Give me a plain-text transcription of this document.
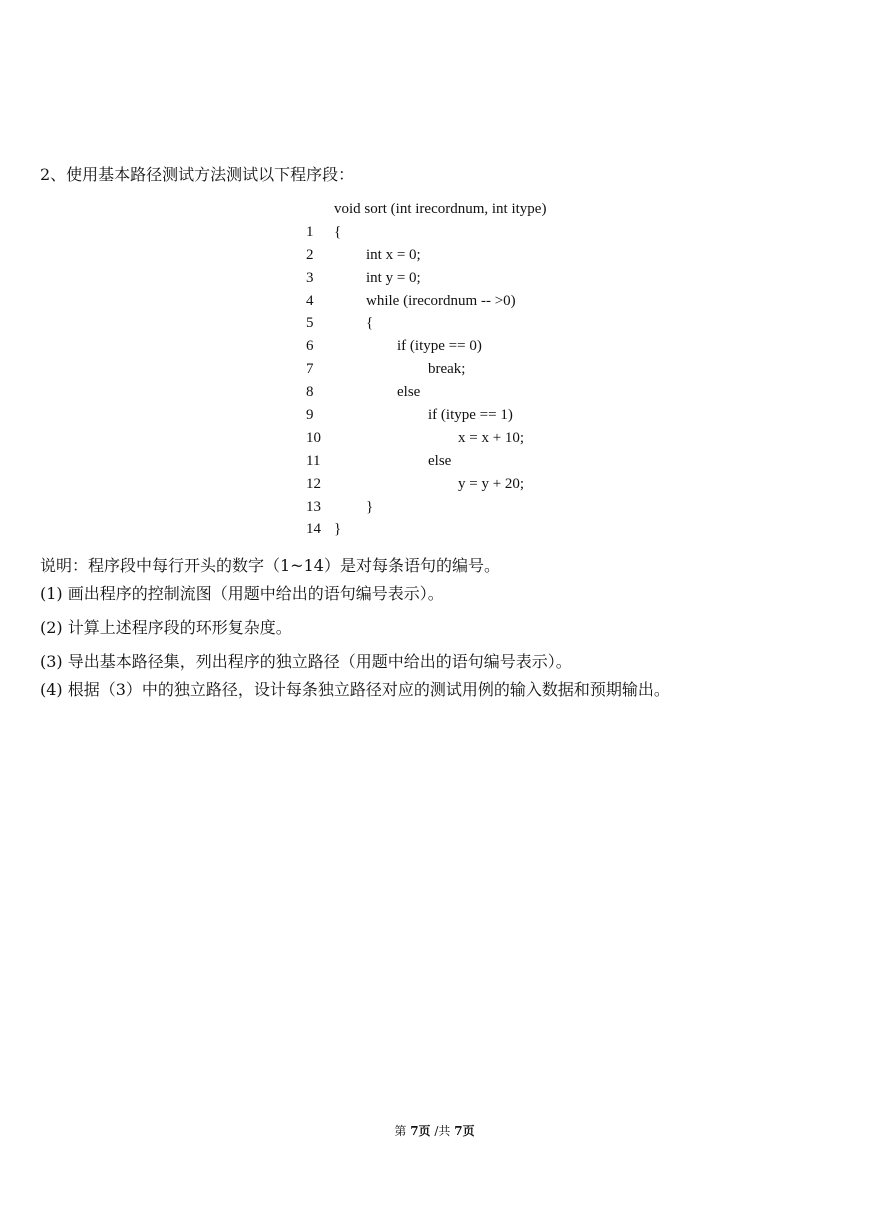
2、使用基本路径测试方法测试以下程序段：
void sort (int irecordnum, int itype)
1	{
2	int x = 0;
3	int y = 0;
4	while (irecordnum -- >0)
5	{
6	if (itype == 0)
7	break;
8	else
9	if (itype == 1)
10	x = x + 10;
11	else
12	y = y + 20;
13	}
14 }
说明：程序段中每行开头的数字（1~14）是对每条语句的编号。
(1) 画出程序的控制流图（用题中给出的语句编号表示）。
(2) 计算上述程序段的环形复杂度。
(3) 导出基本路径集，列出程序的独立路径（用题中给出的语句编号表示）。
(4) 根据（3）中的独立路径，设计每条独立路径对应的测试用例的输入数据和预期输出。
第 7页 /共 7页
